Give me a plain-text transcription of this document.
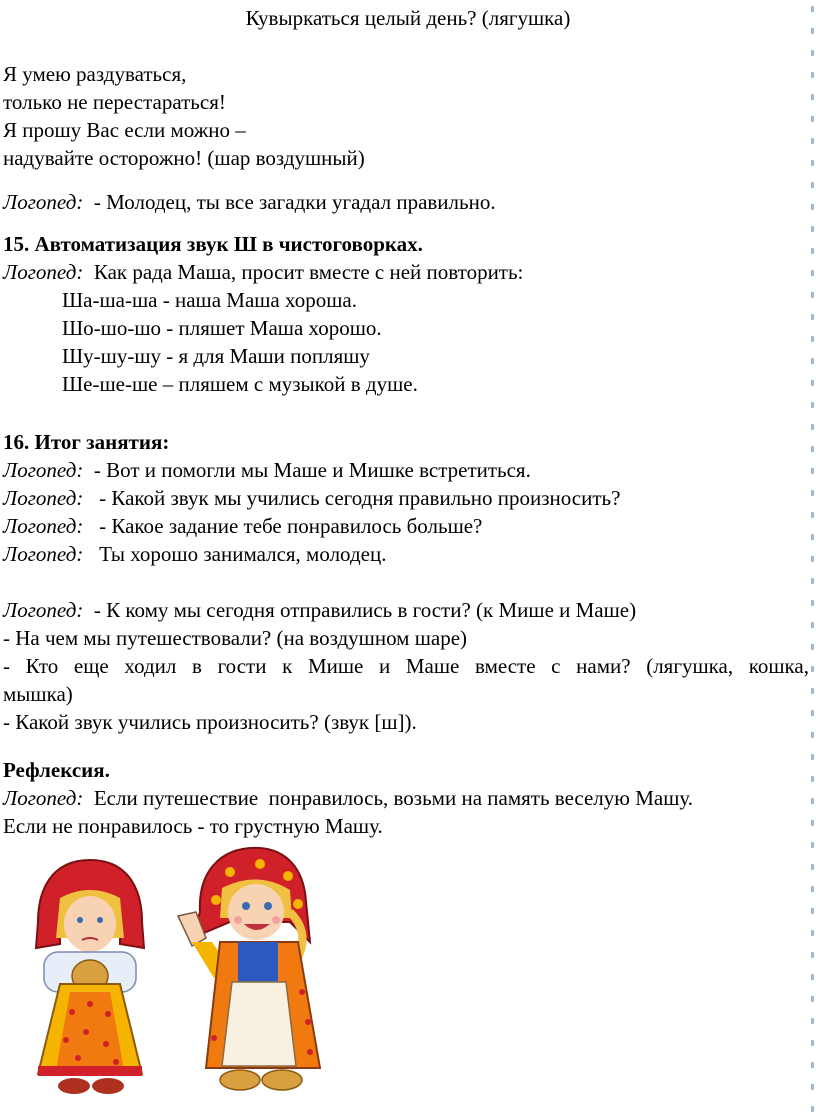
Кувыркаться целый день? (лягушка)
Я умею раздуваться,
только не перестараться!
Я прошу Вас если можно –
надувайте осторожно! (шар воздушный)
Логопед:  - Молодец, ты все загадки угадал правильно.
15. Автоматизация звук Ш в чистоговорках.
Логопед:  Как рада Маша, просит вместе с ней повторить:
Ша-ша-ша - наша Маша хороша.
Шо-шо-шо - пляшет Маша хорошо.
Шу-шу-шу - я для Маши попляшу
Ше-ше-ше – пляшем с музыкой в душе.
16. Итог занятия:
Логопед:  - Вот и помогли мы Маше и Мишке встретиться.
Логопед:   - Какой звук мы учились сегодня правильно произносить?
Логопед:   - Какое задание тебе понравилось больше?
Логопед:   Ты хорошо занимался, молодец.
Логопед:  - К кому мы сегодня отправились в гости? (к Мише и Маше)
- На чем мы путешествовали? (на воздушном шаре)
- Кто еще ходил в гости к Мише и Маше вместе с нами? (лягушка, кошка,
мышка)
- Какой звук учились произносить? (звук [ш]).
Рефлексия.
Логопед:  Если путешествие  понравилось, возьми на память веселую Машу.
Если не понравилось - то грустную Машу.
